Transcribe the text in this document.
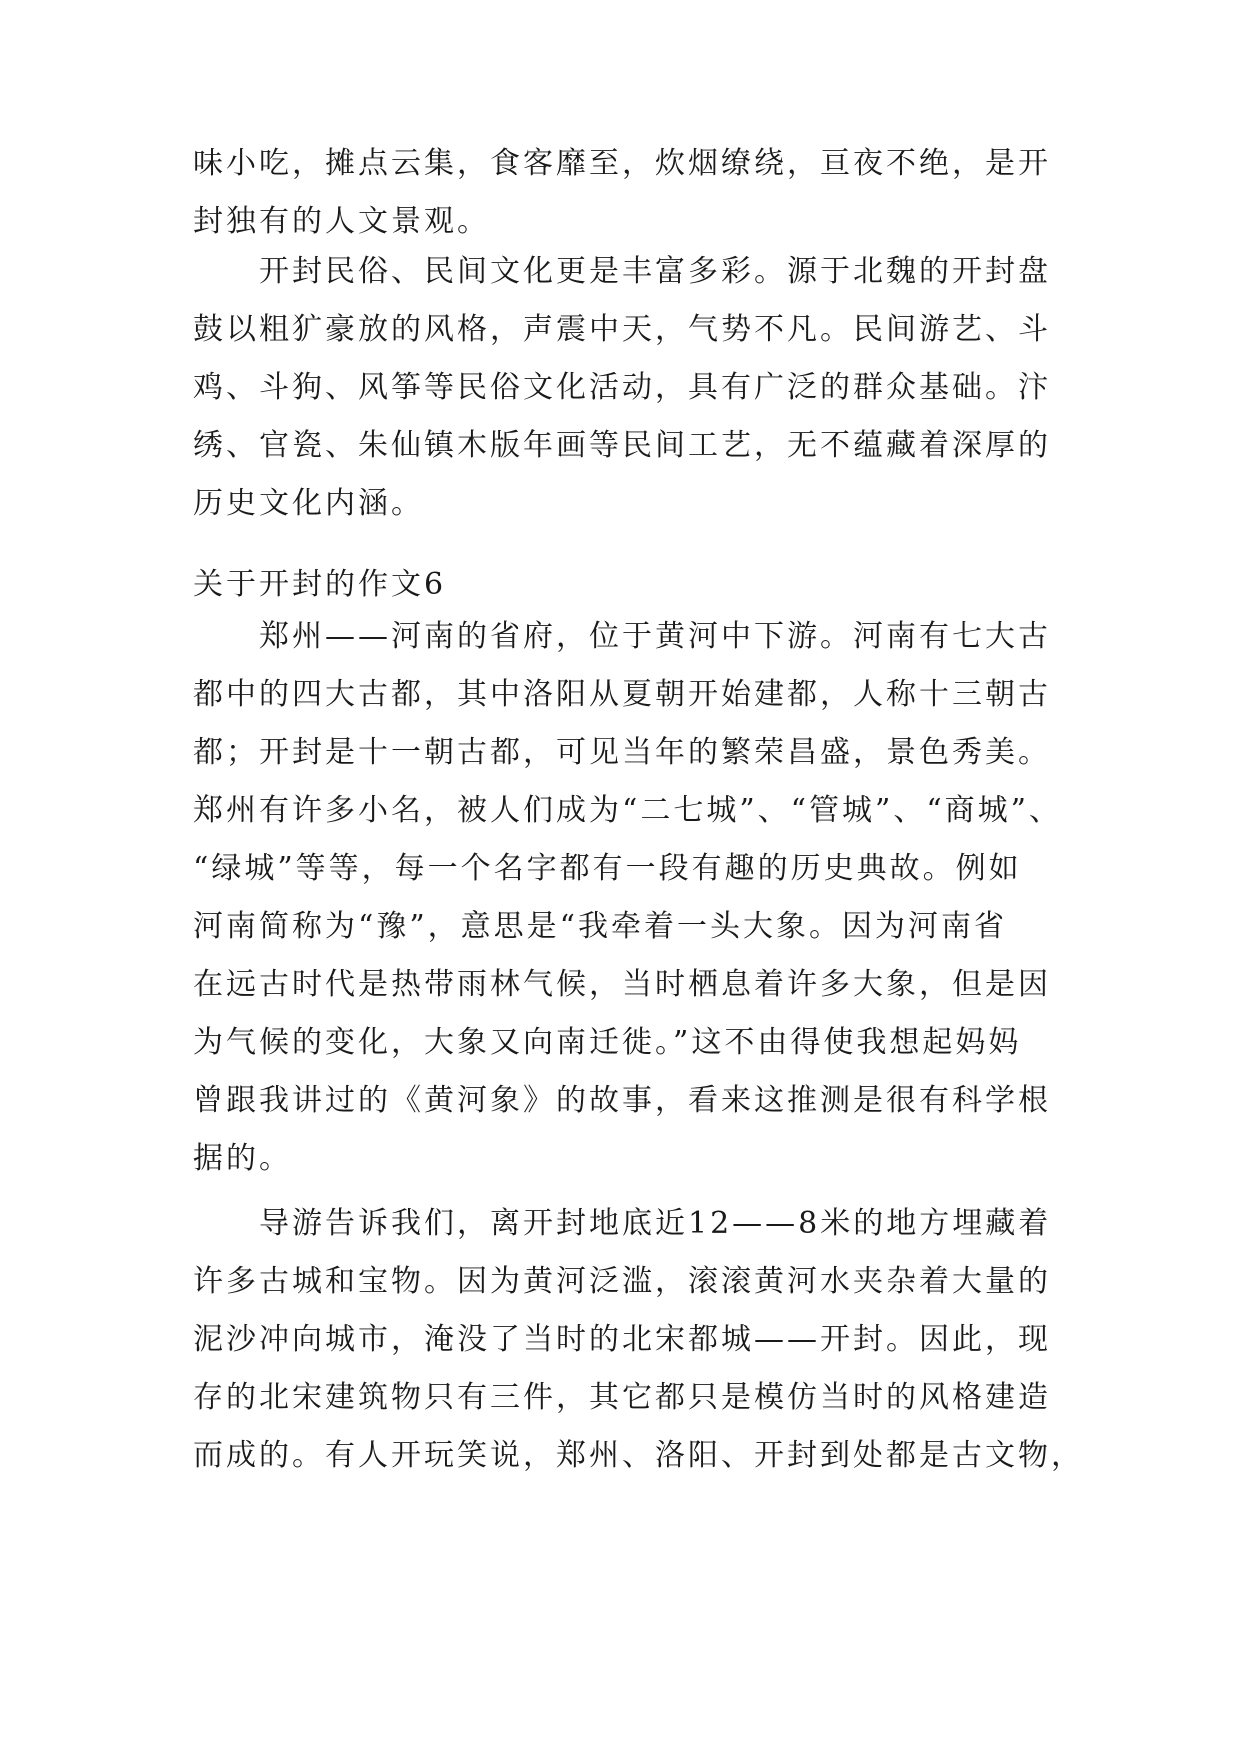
味小吃，摊点云集，食客靡至，炊烟缭绕，亘夜不绝，是开
封独有的人文景观。
开封民俗、民间文化更是丰富多彩。源于北魏的开封盘
鼓以粗犷豪放的风格，声震中天，气势不凡。民间游艺、斗
鸡、斗狗、风筝等民俗文化活动，具有广泛的群众基础。汴
绣、官瓷、朱仙镇木版年画等民间工艺，无不蕴藏着深厚的
历史文化内涵。
关于开封的作文6
郑州——河南的省府，位于黄河中下游。河南有七大古
都中的四大古都，其中洛阳从夏朝开始建都，人称十三朝古
都；开封是十一朝古都，可见当年的繁荣昌盛，景色秀美。
郑州有许多小名，被人们成为“二七城”、“管城”、“商城”、
“绿城”等等，每一个名字都有一段有趣的历史典故。例如
河南简称为“豫”，意思是“我牵着一头大象。因为河南省
在远古时代是热带雨林气候，当时栖息着许多大象，但是因
为气候的变化，大象又向南迁徙。”这不由得使我想起妈妈
曾跟我讲过的《黄河象》的故事，看来这推测是很有科学根
据的。
导游告诉我们，离开封地底近12——8米的地方埋藏着
许多古城和宝物。因为黄河泛滥，滚滚黄河水夹杂着大量的
泥沙冲向城市，淹没了当时的北宋都城——开封。因此，现
存的北宋建筑物只有三件，其它都只是模仿当时的风格建造
而成的。有人开玩笑说，郑州、洛阳、开封到处都是古文物，
